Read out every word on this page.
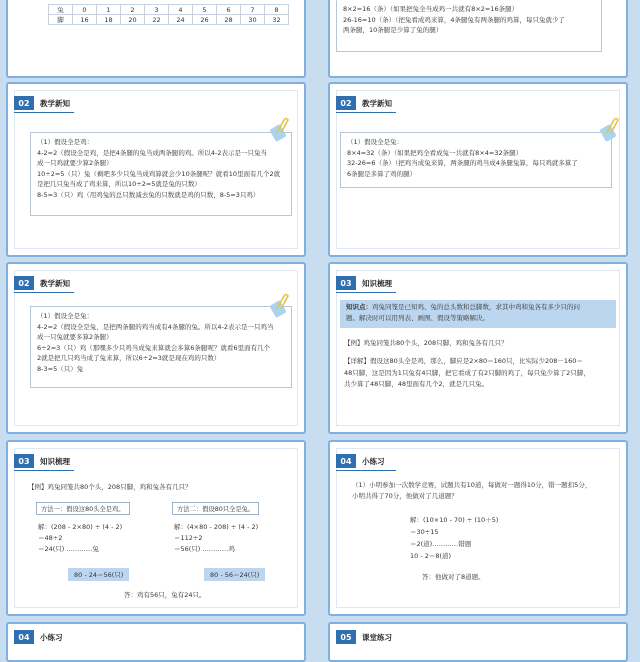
兔	0	1	2	3	4	5	6	7	8
脚	16	18	20	22	24	26	28	30	32
8×2=16（条）（如果把兔全当成鸡一共就有8×2=16条腿）
26-16=10（条）（把兔看成鸡来算，4条腿兔有两条腿的鸡算，每只兔就少了
两条腿，10条腿是少算了兔的腿）
02	教学新知
（1）假设全是鸡：
4-2=2（假设全是鸡，是把4条腿的兔当成两条腿的鸡。所以4-2表示是一只兔当
成一只鸡就要少算2条腿）
10÷2=5（只）兔（剩吧多少只兔当成鸡算就会少10条腿呢？就看10里面有几个2就
是把几只兔当成了鸡来算，所以10÷2=5就是兔的只数）
8-5=3（只）鸡（用鸡兔的总只数减去兔的只数就是鸡的只数，8-5=3只鸡）
02	教学新知
（1）假设全是兔：
8×4=32（条）（如果把鸡全看成兔一共就有8×4=32条腿）
32-26=6（条）（把鸡当成兔来算，两条腿的鸡当成4条腿兔算，每只鸡就多算了
6条腿是多算了鸡的腿）
02	教学新知
（1）假设全是兔：
4-2=2（假设全是兔，是把两条腿的鸡当成有4条腿的兔。所以4-2表示是一只鸡当
成一只兔就要多算2条腿）
6÷2=3（只）鸡（那嘿多少只鸡当成兔来算就会多算6条腿呢？就看6里面有几个
2就是把几只鸡当成了兔来算，所以6÷2=3就是现在鸡的只数）
8-3=5（只）兔
03	知识梳理
知识点：鸡兔同笼是已知鸡、兔的总头数和总脚数，求其中鸡和兔各有多少只的问
题。解决时可以用列表、画图、假设等策略解决。
【例】鸡兔同笼共80个头，208只脚，鸡和兔各有几只？
【详解】假设这80头全是鸡，那么，脚应是2×80＝160只，比实际少208－160＝
48只脚，这是因为1只兔有4只脚，把它看成了有2只脚的鸡了，每只兔少算了2只脚，
共少算了48只脚，48里面有几个2，就是几只兔。
03	知识梳理
【例】鸡兔同笼共80个头，208只脚，鸡和兔各有几只？
方法一：假设这80头全是鸡。
解：(208 - 2×80) ÷ (4 - 2)
＝48÷2
＝24(只) …………兔
80 - 24＝56(只)
方法二：假设80只全是兔。
解：(4×80 - 208) ÷ (4 - 2)
＝112÷2
＝56(只) …………鸡
80 - 56＝24(只)
答：鸡有56只，兔有24只。
04	小练习
（1）小明参加一次数学竞赛，试题共有10道，每做对一题得10分，错一题扣5分，
小明共得了70分，他做对了几道题？
解：(10×10 - 70) ÷ (10＋5)
＝30÷15
＝2(道)…………错题
10 - 2＝8(道)
答：他做对了8道题。
04	小练习	05	课堂练习
